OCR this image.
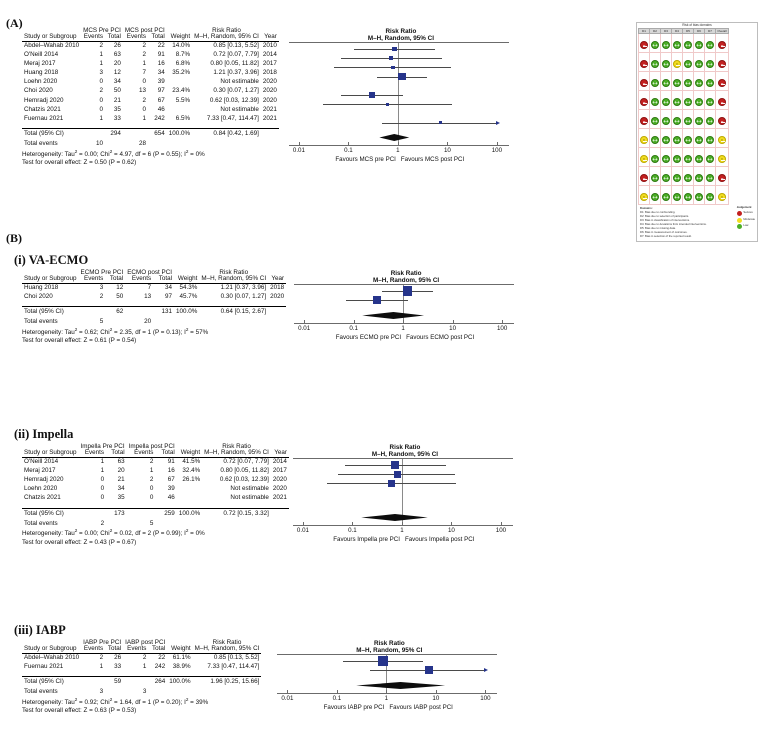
(A)
	MCS Pre PCI		MCS post PCI			Risk Ratio	
Study or Subgroup	Events	Total	Events	Total	Weight	M–H, Random, 95% CI	Year
Abdel–Wahab 2010	2	26	2	22	14.0%	0.85 [0.13, 5.52]	2010
O'Neill 2014	1	63	2	91	8.7%	0.72 [0.07, 7.79]	2014
Meraj 2017	1	20	1	16	6.8%	0.80 [0.05, 11.82]	2017
Huang 2018	3	12	7	34	35.2%	1.21 [0.37, 3.96]	2018
Loehn 2020	0	34	0	39		Not estimable	2020
Choi 2020	2	50	13	97	23.4%	0.30 [0.07, 1.27]	2020
Hemradj 2020	0	21	2	67	5.5%	0.62 [0.03, 12.39]	2020
Chatzis 2021	0	35	0	46		Not estimable	2021
Fuernau 2021	1	33	1	242	6.5%	7.33 [0.47, 114.47]	2021

Total (95% CI)		294		654	100.0%	0.84 [0.42, 1.69]	
Total events	10		28				
Heterogeneity: Tau$^2$ = 0.00; Chi$^2$ = 4.97, df = 6 (P = 0.55); $I^2 = 0\%$
Test for overall effect: Z = 0.50 (P = 0.62)
Risk Ratio
M–H, Random, 95% CI
0.01	0.1	1	10	100
Favours MCS pre PCI Favours MCS post PCI
Risk of bias domains
D1	D2	D3	D4	D5	D6	D7	Overall
−	+ +	+ +	+ +	+ +	+ +	+ +	−
−	+ +	+ +	!	+ +	+ +	+ +	−
−	+ +	+ +	+ +	+ +	+ +	+ +	−
−	+ +	+ +	+ +	+ +	+ +	+ +	−
−	+ +	+ +	+ +	+ +	+ +	+ +	−
!	+ +	+ +	+ +	+ +	+ +	+ +	!
!	+ +	+ +	+ +	+ +	+ +	+ +	!
−	+ +	+ +	+ +	+ +	+ +	+ +	−
!	+ +	+ +	+ +	+ +	+ +	+ +	!
Domains:
D1: Bias due to confounding.
D2: Bias due to selection of participants.
D3: Bias in classification of interventions.
D4: Bias due to deviations from intended interventions.
D5: Bias due to missing data.
D6: Bias in measurement of outcomes.
D7: Bias in selection of the reported result.
Judgement
Serious
Moderate
Low
(B)
(i) VA-ECMO
	ECMO Pre PCI		ECMO post PCI			Risk Ratio	
Study or Subgroup	Events	Total	Events	Total	Weight	M–H, Random, 95% CI	Year
Huang 2018	3	12	7	34	54.3%	1.21 [0.37, 3.96]	2018
Choi 2020	2	50	13	97	45.7%	0.30 [0.07, 1.27]	2020

Total (95% CI)		62		131	100.0%	0.64 [0.15, 2.67]	
Total events	5		20				
Heterogeneity: Tau$^2$ = 0.62; Chi$^2$ = 2.35, df = 1 (P = 0.13); $I^2 = 57\%$
Test for overall effect: Z = 0.61 (P = 0.54)
Risk Ratio
M–H, Random, 95% CI
0.01	0.1	1	10	100
Favours ECMO pre PCI Favours ECMO post PCI
(ii) Impella
	Impella Pre PCI		Impella post PCI			Risk Ratio	
Study or Subgroup	Events	Total	Events	Total	Weight	M–H, Random, 95% CI	Year
O'Neill 2014	1	63	2	91	41.5%	0.72 [0.07, 7.79]	2014
Meraj 2017	1	20	1	16	32.4%	0.80 [0.05, 11.82]	2017
Hemradj 2020	0	21	2	67	26.1%	0.62 [0.03, 12.39]	2020
Loehn 2020	0	34	0	39		Not estimable	2020
Chatzis 2021	0	35	0	46		Not estimable	2021

Total (95% CI)		173		259	100.0%	0.72 [0.15, 3.32]	
Total events	2		5				
Heterogeneity: Tau$^2$ = 0.00; Chi$^2$ = 0.02, df = 2 (P = 0.99); $I^2 = 0\%$
Test for overall effect: Z = 0.43 (P = 0.67)
Risk Ratio
M–H, Random, 95% CI
0.01	0.1	1	10	100
Favours Impella pre PCI Favours Impella post PCI
(iii) IABP
	IABP Pre PCI		IABP post PCI			Risk Ratio
Study or Subgroup	Events	Total	Events	Total	Weight	M–H, Random, 95% CI
Abdel–Wahab 2010	2	26	2	22	61.1%	0.85 [0.13, 5.52]
Fuernau 2021	1	33	1	242	38.9%	7.33 [0.47, 114.47]

Total (95% CI)		59		264	100.0%	1.96 [0.25, 15.66]
Total events	3		3			
Heterogeneity: Tau$^2$ = 0.92; Chi$^2$ = 1.64, df = 1 (P = 0.20); $I^2 = 39\%$
Test for overall effect: Z = 0.63 (P = 0.53)
Risk Ratio
M–H, Random, 95% CI
0.01	0.1	1	10	100
Favours IABP pre PCI Favours IABP post PCI
